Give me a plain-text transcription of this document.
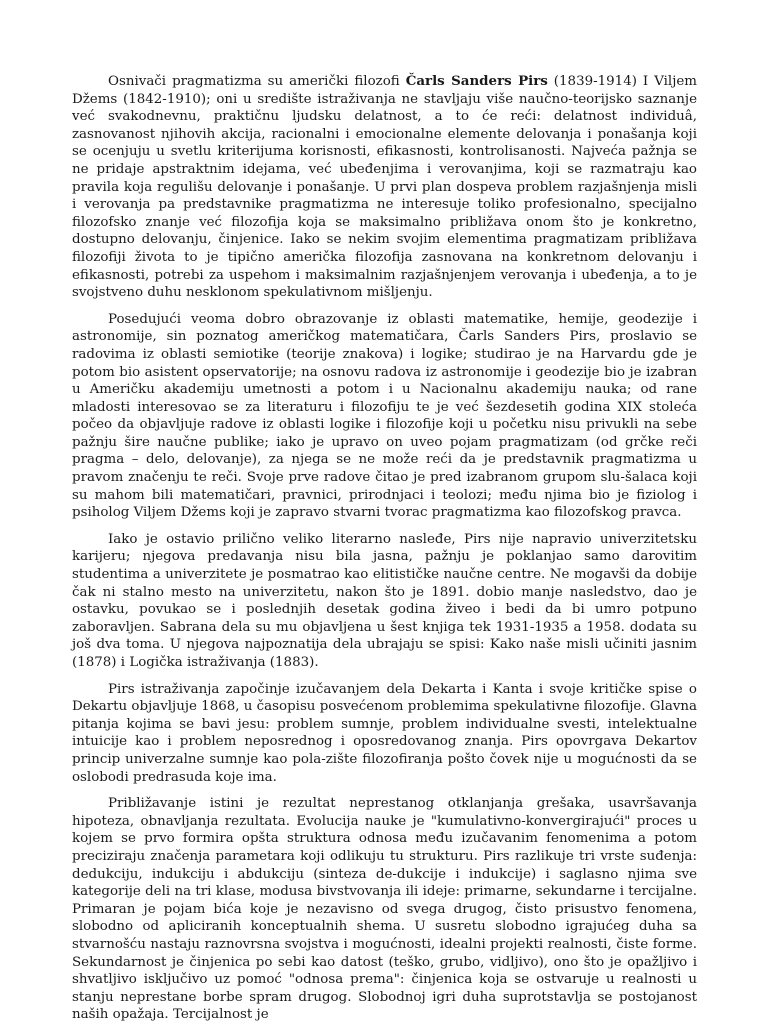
Osnivači pragmatizma su američki filozofi Čarls Sanders Pirs (1839-1914) I Viljem Džems (1842-1910); oni u središte istraživanja ne stavljaju više naučno-teorijsko saznanje već svakodnevnu, praktičnu ljudsku delatnost, a to će reći: delatnost individuâ, zasnovanost njihovih akcija, racionalni i emocionalne elemente delovanja i ponašanja koji se ocenjuju u svetlu kriterijuma korisnosti, efikasnosti, kontrolisanosti. Najveća pažnja se ne pridaje apstraktnim idejama, već ubeđenjima i verovanjima, koji se razmatraju kao pravila koja regulišu delovanje i ponašanje. U prvi plan dospeva problem razjašnjenja misli i verovanja pa predstavnike pragmatizma ne interesuje toliko profesionalno, specijalno filozofsko znanje već filozofija koja se maksimalno približava onom što je konkretno, dostupno delovanju, činjenice. Iako se nekim svojim elementima pragmatizam približava filozofiji života to je tipično američka filozofija zasnovana na konkretnom delovanju i efikasnosti, potrebi za uspehom i maksimalnim razjašnjenjem verovanja i ubeđenja, a to je svojstveno duhu nesklonom spekulativnom mišljenju.

Posedujući veoma dobro obrazovanje iz oblasti matematike, hemije, geodezije i astronomije, sin poznatog američkog matematičara, Čarls Sanders Pirs, proslavio se radovima iz oblasti semiotike (teorije znakova) i logike; studirao je na Harvardu gde je potom bio asistent opservatorije; na osnovu radova iz astronomije i geodezije bio je izabran u Američku akademiju umetnosti a potom i u Nacionalnu akademiju nauka; od rane mladosti interesovao se za literaturu i filozofiju te je već šezdesetih godina XIX stoleća počeo da objavljuje radove iz oblasti logike i filozofije koji u početku nisu privukli na sebe pažnju šire naučne publike; iako je upravo on uveo pojam pragmatizam (od grčke reči pragma – delo, delovanje), za njega se ne može reći da je predstavnik pragmatizma u pravom značenju te reči. Svoje prve radove čitao je pred izabranom grupom slu-šalaca koji su mahom bili matematičari, pravnici, prirodnjaci i teolozi; među njima bio je fiziolog i psiholog Viljem Džems koji je zapravo stvarni tvorac pragmatizma kao filozofskog pravca.

Iako je ostavio prilično veliko literarno nasleđe, Pirs nije napravio univerzitetsku karijeru; njegova predavanja nisu bila jasna, pažnju je poklanjao samo darovitim studentima a univerzitete je posmatrao kao elitističke naučne centre. Ne mogavši da dobije čak ni stalno mesto na univerzitetu, nakon što je 1891. dobio manje nasledstvo, dao je ostavku, povukao se i poslednjih desetak godina živeo i bedi da bi umro potpuno zaboravljen. Sabrana dela su mu objavljena u šest knjiga tek 1931-1935 a 1958. dodata su još dva toma. U njegova najpoznatija dela ubrajaju se spisi: Kako naše misli učiniti jasnim (1878) i Logička istraživanja (1883).

Pirs istraživanja započinje izučavanjem dela Dekarta i Kanta i svoje kritičke spise o Dekartu objavljuje 1868, u časopisu posvećenom problemima spekulativne filozofije. Glavna pitanja kojima se bavi jesu: problem sumnje, problem individualne svesti, intelektualne intuicije kao i problem neposrednog i oposredovanog znanja. Pirs opovrgava Dekartov princip univerzalne sumnje kao pola-zište filozofiranja pošto čovek nije u mogućnosti da se oslobodi predrasuda koje ima.

Približavanje istini je rezultat neprestanog otklanjanja grešaka, usavršavanja hipoteza, obnavljanja rezultata. Evolucija nauke je "kumulativno-konvergirajući" proces u kojem se prvo formira opšta struktura odnosa među izučavanim fenomenima a potom preciziraju značenja parametara koji odlikuju tu strukturu. Pirs razlikuje tri vrste suđenja: dedukciju, indukciju i abdukciju (sinteza de-dukcije i indukcije) i saglasno njima sve kategorije deli na tri klase, modusa bivstvovanja ili ideje: primarne, sekundarne i tercijalne. Primaran je pojam bića koje je nezavisno od svega drugog, čisto prisustvo fenomena, slobodno od apliciranih konceptualnih shema. U susretu slobodno igrajućeg duha sa stvarnošću nastaju raznovrsna svojstva i mogućnosti, idealni projekti realnosti, čiste forme. Sekundarnost je činjenica po sebi kao datost (teško, grubo, vidljivo), ono što je opažljivo i shvatljivo isključivo uz pomoć "odnosa prema": činjenica koja se ostvaruje u realnosti u stanju neprestane borbe spram drugog. Slobodnoj igri duha suprotstavlja se postojanost naših opažaja. Tercijalnost je
